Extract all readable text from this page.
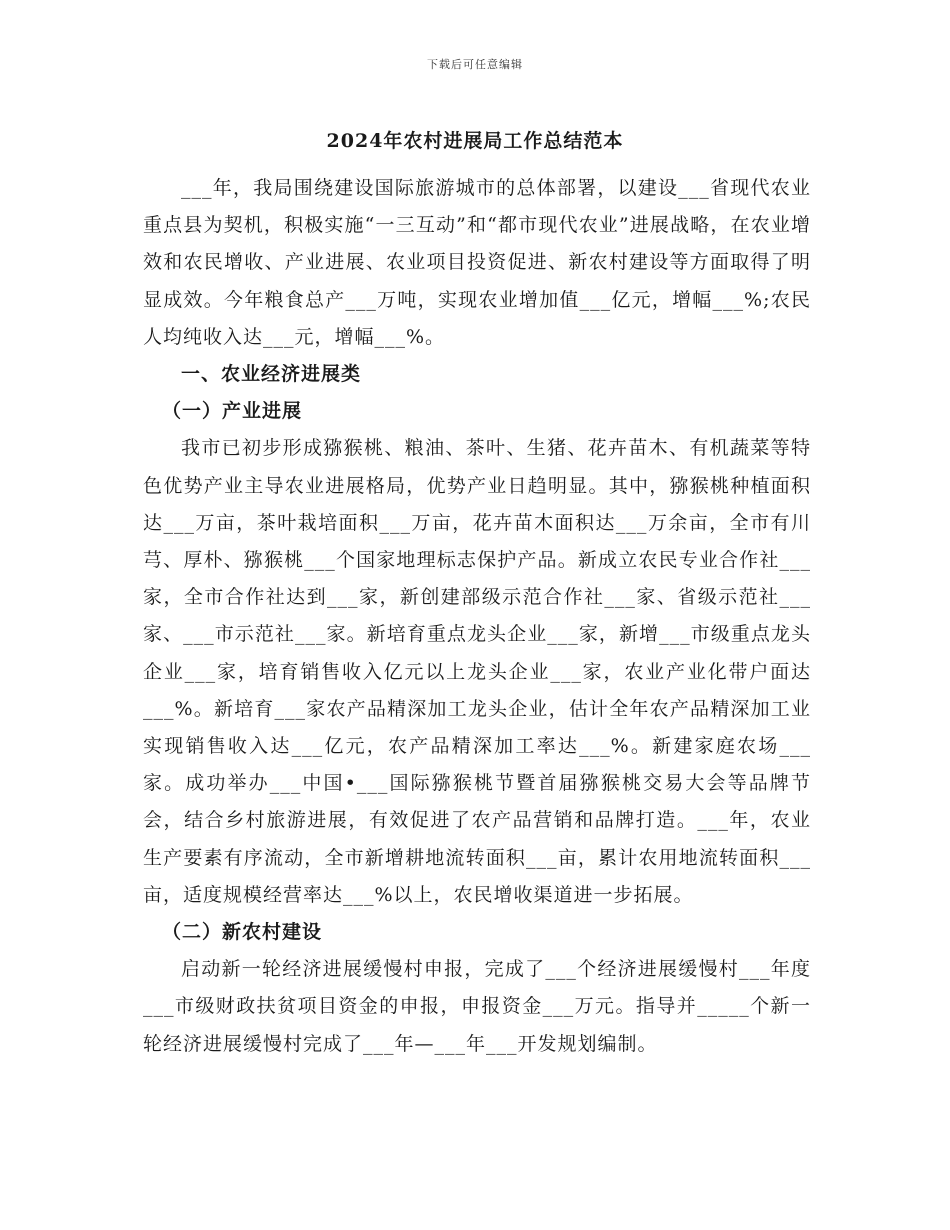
下载后可任意编辑
2024年农村进展局工作总结范本

___年，我局围绕建设国际旅游城市的总体部署，以建设___省现代农业重点县为契机，积极实施“一三互动”和“都市现代农业”进展战略，在农业增效和农民增收、产业进展、农业项目投资促进、新农村建设等方面取得了明显成效。今年粮食总产___万吨，实现农业增加值___亿元，增幅___%;农民人均纯收入达___元，增幅___%。

一、农业经济进展类
（一）产业进展

我市已初步形成猕猴桃、粮油、茶叶、生猪、花卉苗木、有机蔬菜等特色优势产业主导农业进展格局，优势产业日趋明显。其中，猕猴桃种植面积达___万亩，茶叶栽培面积___万亩，花卉苗木面积达___万余亩，全市有川芎、厚朴、猕猴桃___个国家地理标志保护产品。新成立农民专业合作社___家，全市合作社达到___家，新创建部级示范合作社___家、省级示范社___家、___市示范社___家。新培育重点龙头企业___家，新增___市级重点龙头企业___家，培育销售收入亿元以上龙头企业___家，农业产业化带户面达___%。新培育___家农产品精深加工龙头企业，估计全年农产品精深加工业实现销售收入达___亿元，农产品精深加工率达___%。新建家庭农场___家。成功举办___中国•___国际猕猴桃节暨首届猕猴桃交易大会等品牌节会，结合乡村旅游进展，有效促进了农产品营销和品牌打造。___年，农业生产要素有序流动，全市新增耕地流转面积___亩，累计农用地流转面积___亩，适度规模经营率达___%以上，农民增收渠道进一步拓展。

（二）新农村建设

启动新一轮经济进展缓慢村申报，完成了___个经济进展缓慢村___年度___市级财政扶贫项目资金的申报，申报资金___万元。指导并_____个新一轮经济进展缓慢村完成了___年—___年___开发规划编制。
